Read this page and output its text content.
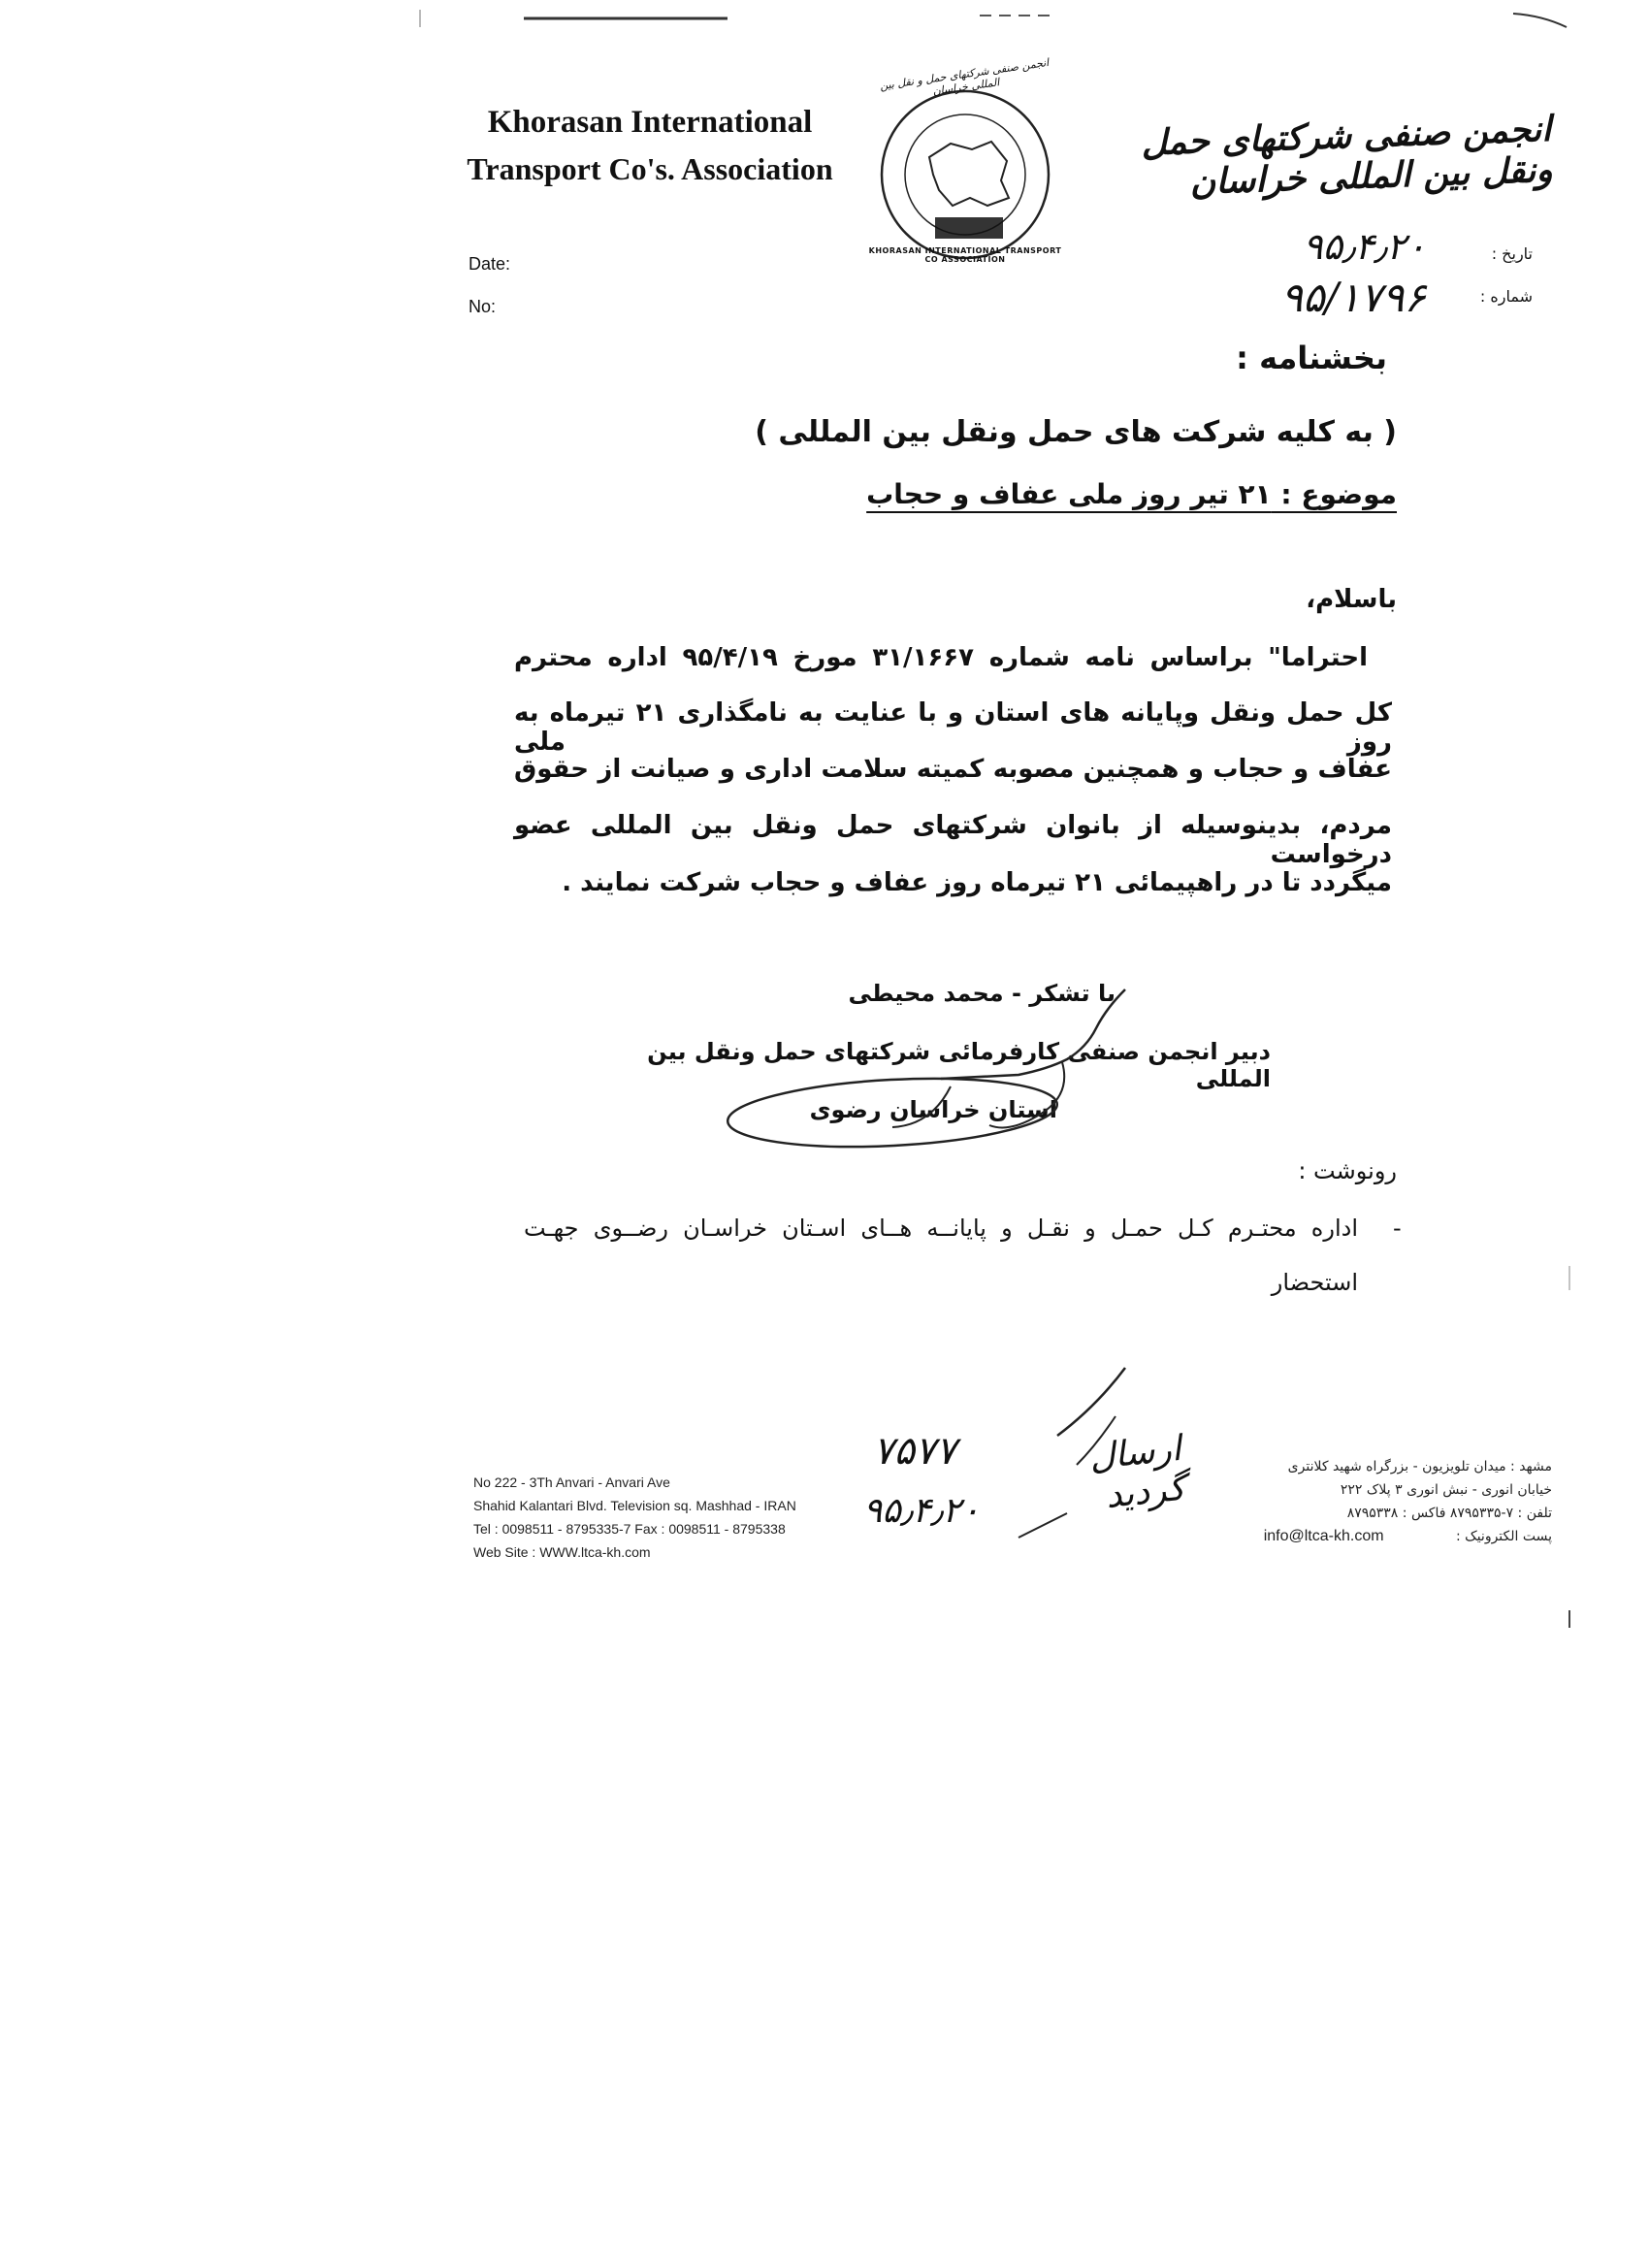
Khorasan International
Transport Co's. Association
انجمن صنفی شرکتهای حمل و نقل بین المللی خراسان
KHORASAN INTERNATIONAL TRANSPORT CO ASSOCIATION
انجمن صنفی شرکتهای حمل ونقل بین المللی خراسان
Date:
No:
تاریخ :
شماره :
۹۵٫۴٫۲۰
۹۵/۱۷۹۶
بخشنامه :
( به کلیه شرکت های حمل ونقل بین المللی )
موضوع : ۲۱ تیر روز ملی عفاف و حجاب
باسلام،
احتراما" براساس نامه شماره ۳۱/۱۶۶۷ مورخ ۹۵/۴/۱۹ اداره محترم
کل حمل ونقل وپایانه های استان و با عنایت به نامگذاری ۲۱ تیرماه به روز ملی
عفاف و حجاب و همچنین مصوبه کمیته سلامت اداری و صیانت از حقوق
مردم، بدینوسیله از بانوان شرکتهای حمل ونقل بین المللی عضو درخواست
میگردد تا در راهپیمائی ۲۱ تیرماه روز عفاف و حجاب شرکت نمایند .
با تشکر - محمد محیطی
دبیر انجمن صنفی کارفرمائی شرکتهای حمل ونقل بین المللی
استان خراسان رضوی
رونوشت :
-
اداره محتـرم کـل حمـل و نقـل و پایانــه هــای اسـتان خراسـان رضــوی جهـت
استحضار
۷۵۷۷	ارسال گردید
۹۵٫۴٫۲۰
No 222 - 3Th Anvari - Anvari Ave
Shahid Kalantari Blvd. Television sq. Mashhad - IRAN
Tel : 0098511 - 8795335-7 Fax : 0098511 - 8795338
Web Site : WWW.ltca-kh.com
مشهد : میدان تلویزیون - بزرگراه شهید کلانتری
خیابان انوری - نبش انوری ۳ پلاک ۲۲۲
تلفن : ۷-۸۷۹۵۳۳۵ فاکس : ۸۷۹۵۳۳۸
پست الکترونیک : info@ltca-kh.com
